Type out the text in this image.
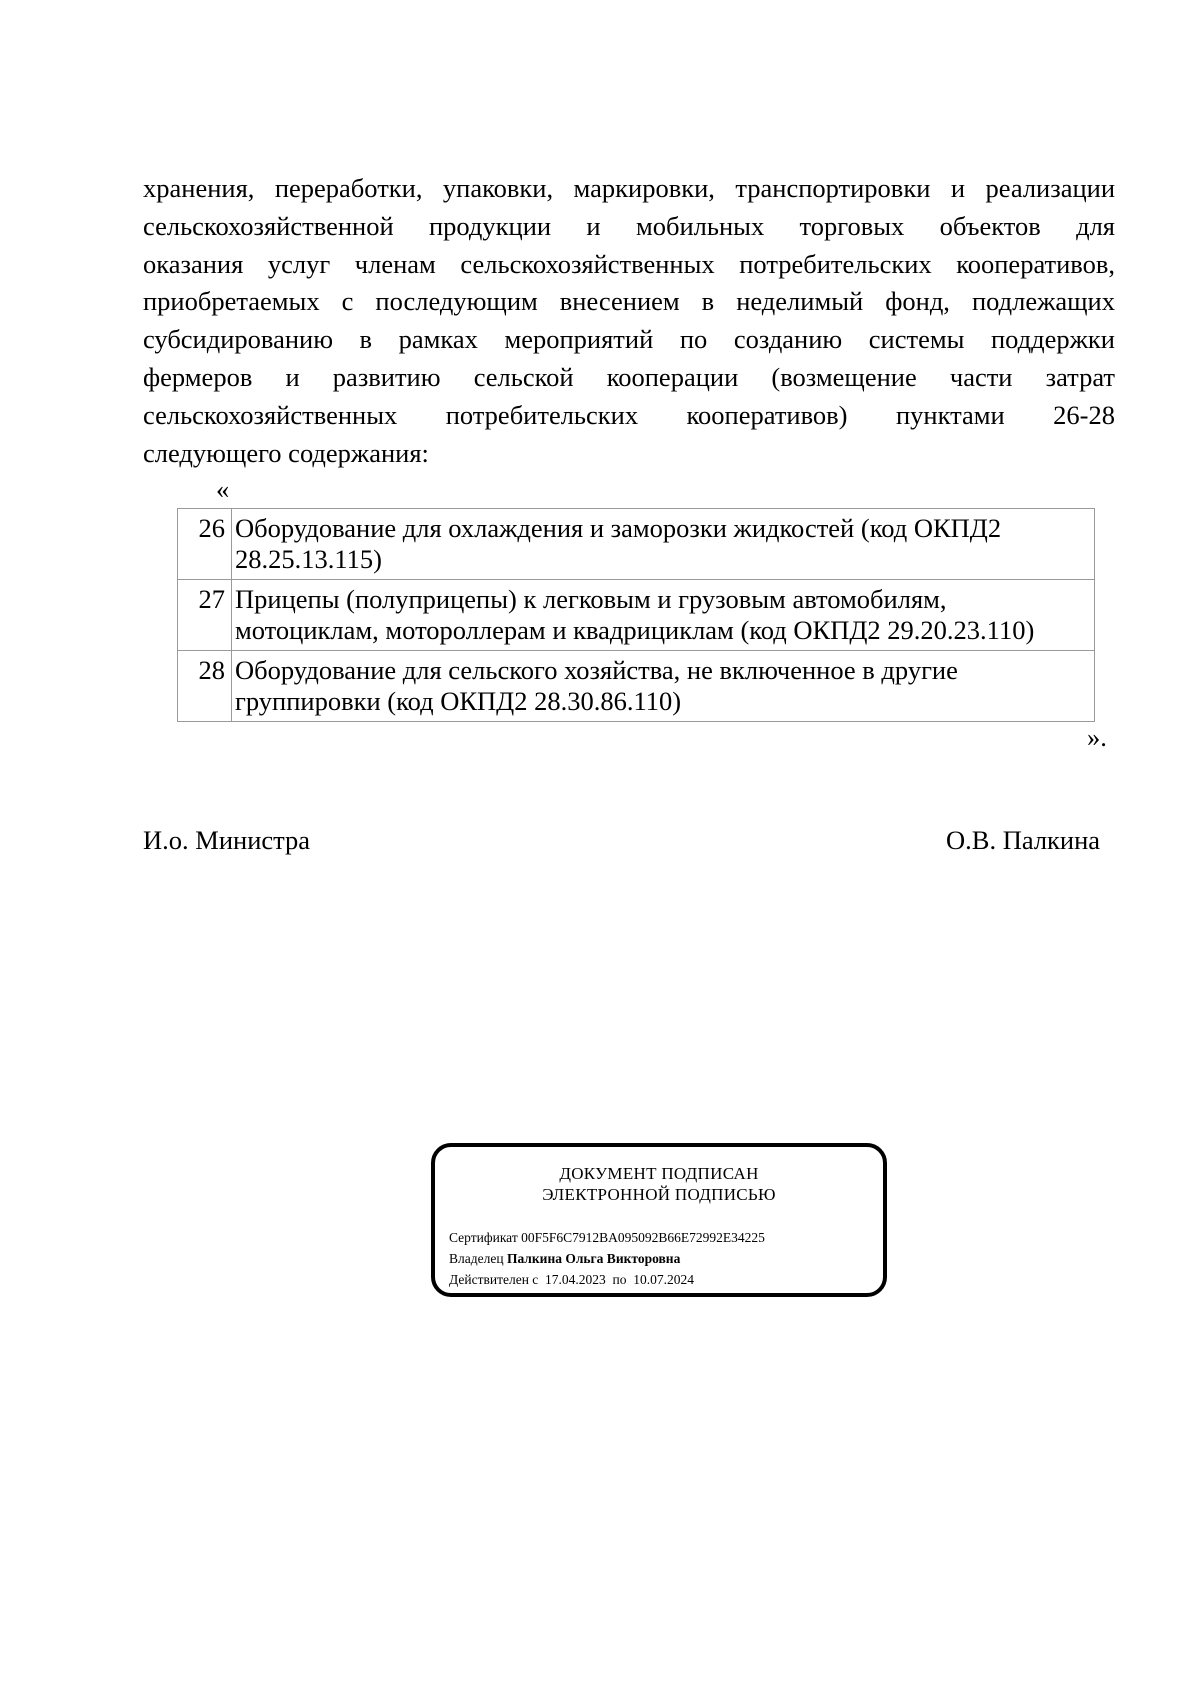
хранения, переработки, упаковки, маркировки, транспортировки и реализации
сельскохозяйственной продукции и мобильных торговых объектов для
оказания услуг членам сельскохозяйственных потребительских кооперативов,
приобретаемых с последующим внесением в неделимый фонд, подлежащих
субсидированию в рамках мероприятий по созданию системы поддержки
фермеров и развитию сельской кооперации (возмещение части затрат
сельскохозяйственных потребительских кооперативов) пунктами 26-28
следующего содержания:
«
26	Оборудование для охлаждения и заморозки жидкостей (код ОКПД2
28.25.13.115)

27	Прицепы (полуприцепы) к легковым и грузовым автомобилям,
мотоциклам, мотороллерам и квадрициклам (код ОКПД2 29.20.23.110)

28	Оборудование для сельского хозяйства, не включенное в другие
группировки (код ОКПД2 28.30.86.110)
».
И.о. Министра	О.В. Палкина
ДОКУМЕНТ ПОДПИСАН
ЭЛЕКТРОННОЙ ПОДПИСЬЮ
Сертификат 00F5F6C7912BA095092B66E72992E34225
Владелец Палкина Ольга Викторовна
Действителен с 17.04.2023 по 10.07.2024
